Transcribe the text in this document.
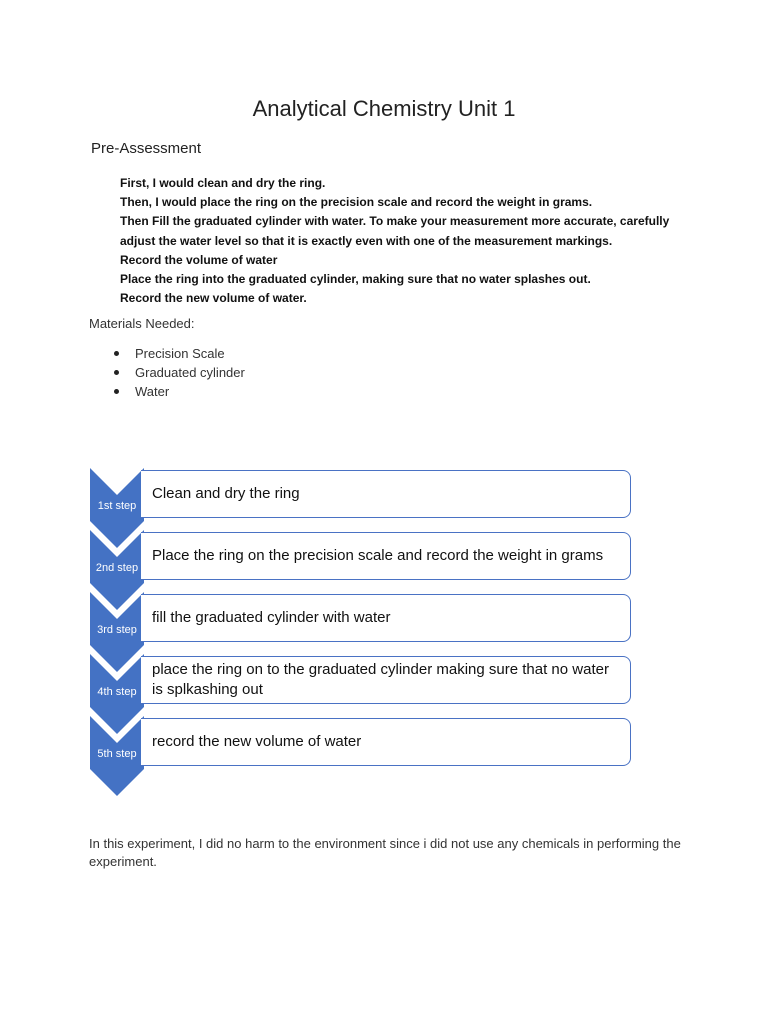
Analytical Chemistry Unit 1
Pre-Assessment
First, I would clean and dry the ring.
Then, I would place the ring on the precision scale and record the weight in grams.
Then Fill the graduated cylinder with water. To make your measurement more accurate, carefully
adjust the water level so that it is exactly even with one of the measurement markings.
Record the volume of water
Place the ring into the graduated cylinder, making sure that no water splashes out.
Record the new volume of water.
Materials Needed:
Precision Scale
Graduated cylinder
Water
1st step
2nd step
3rd step
4th step
5th step
Clean and dry the ring
Place the ring on the precision scale and record the weight in grams
fill the graduated cylinder with water
place the ring on to the graduated cylinder making sure that no water is splkashing out
record the new volume of water
In this experiment, I did no harm to the environment since i did not use any chemicals in performing the experiment.
